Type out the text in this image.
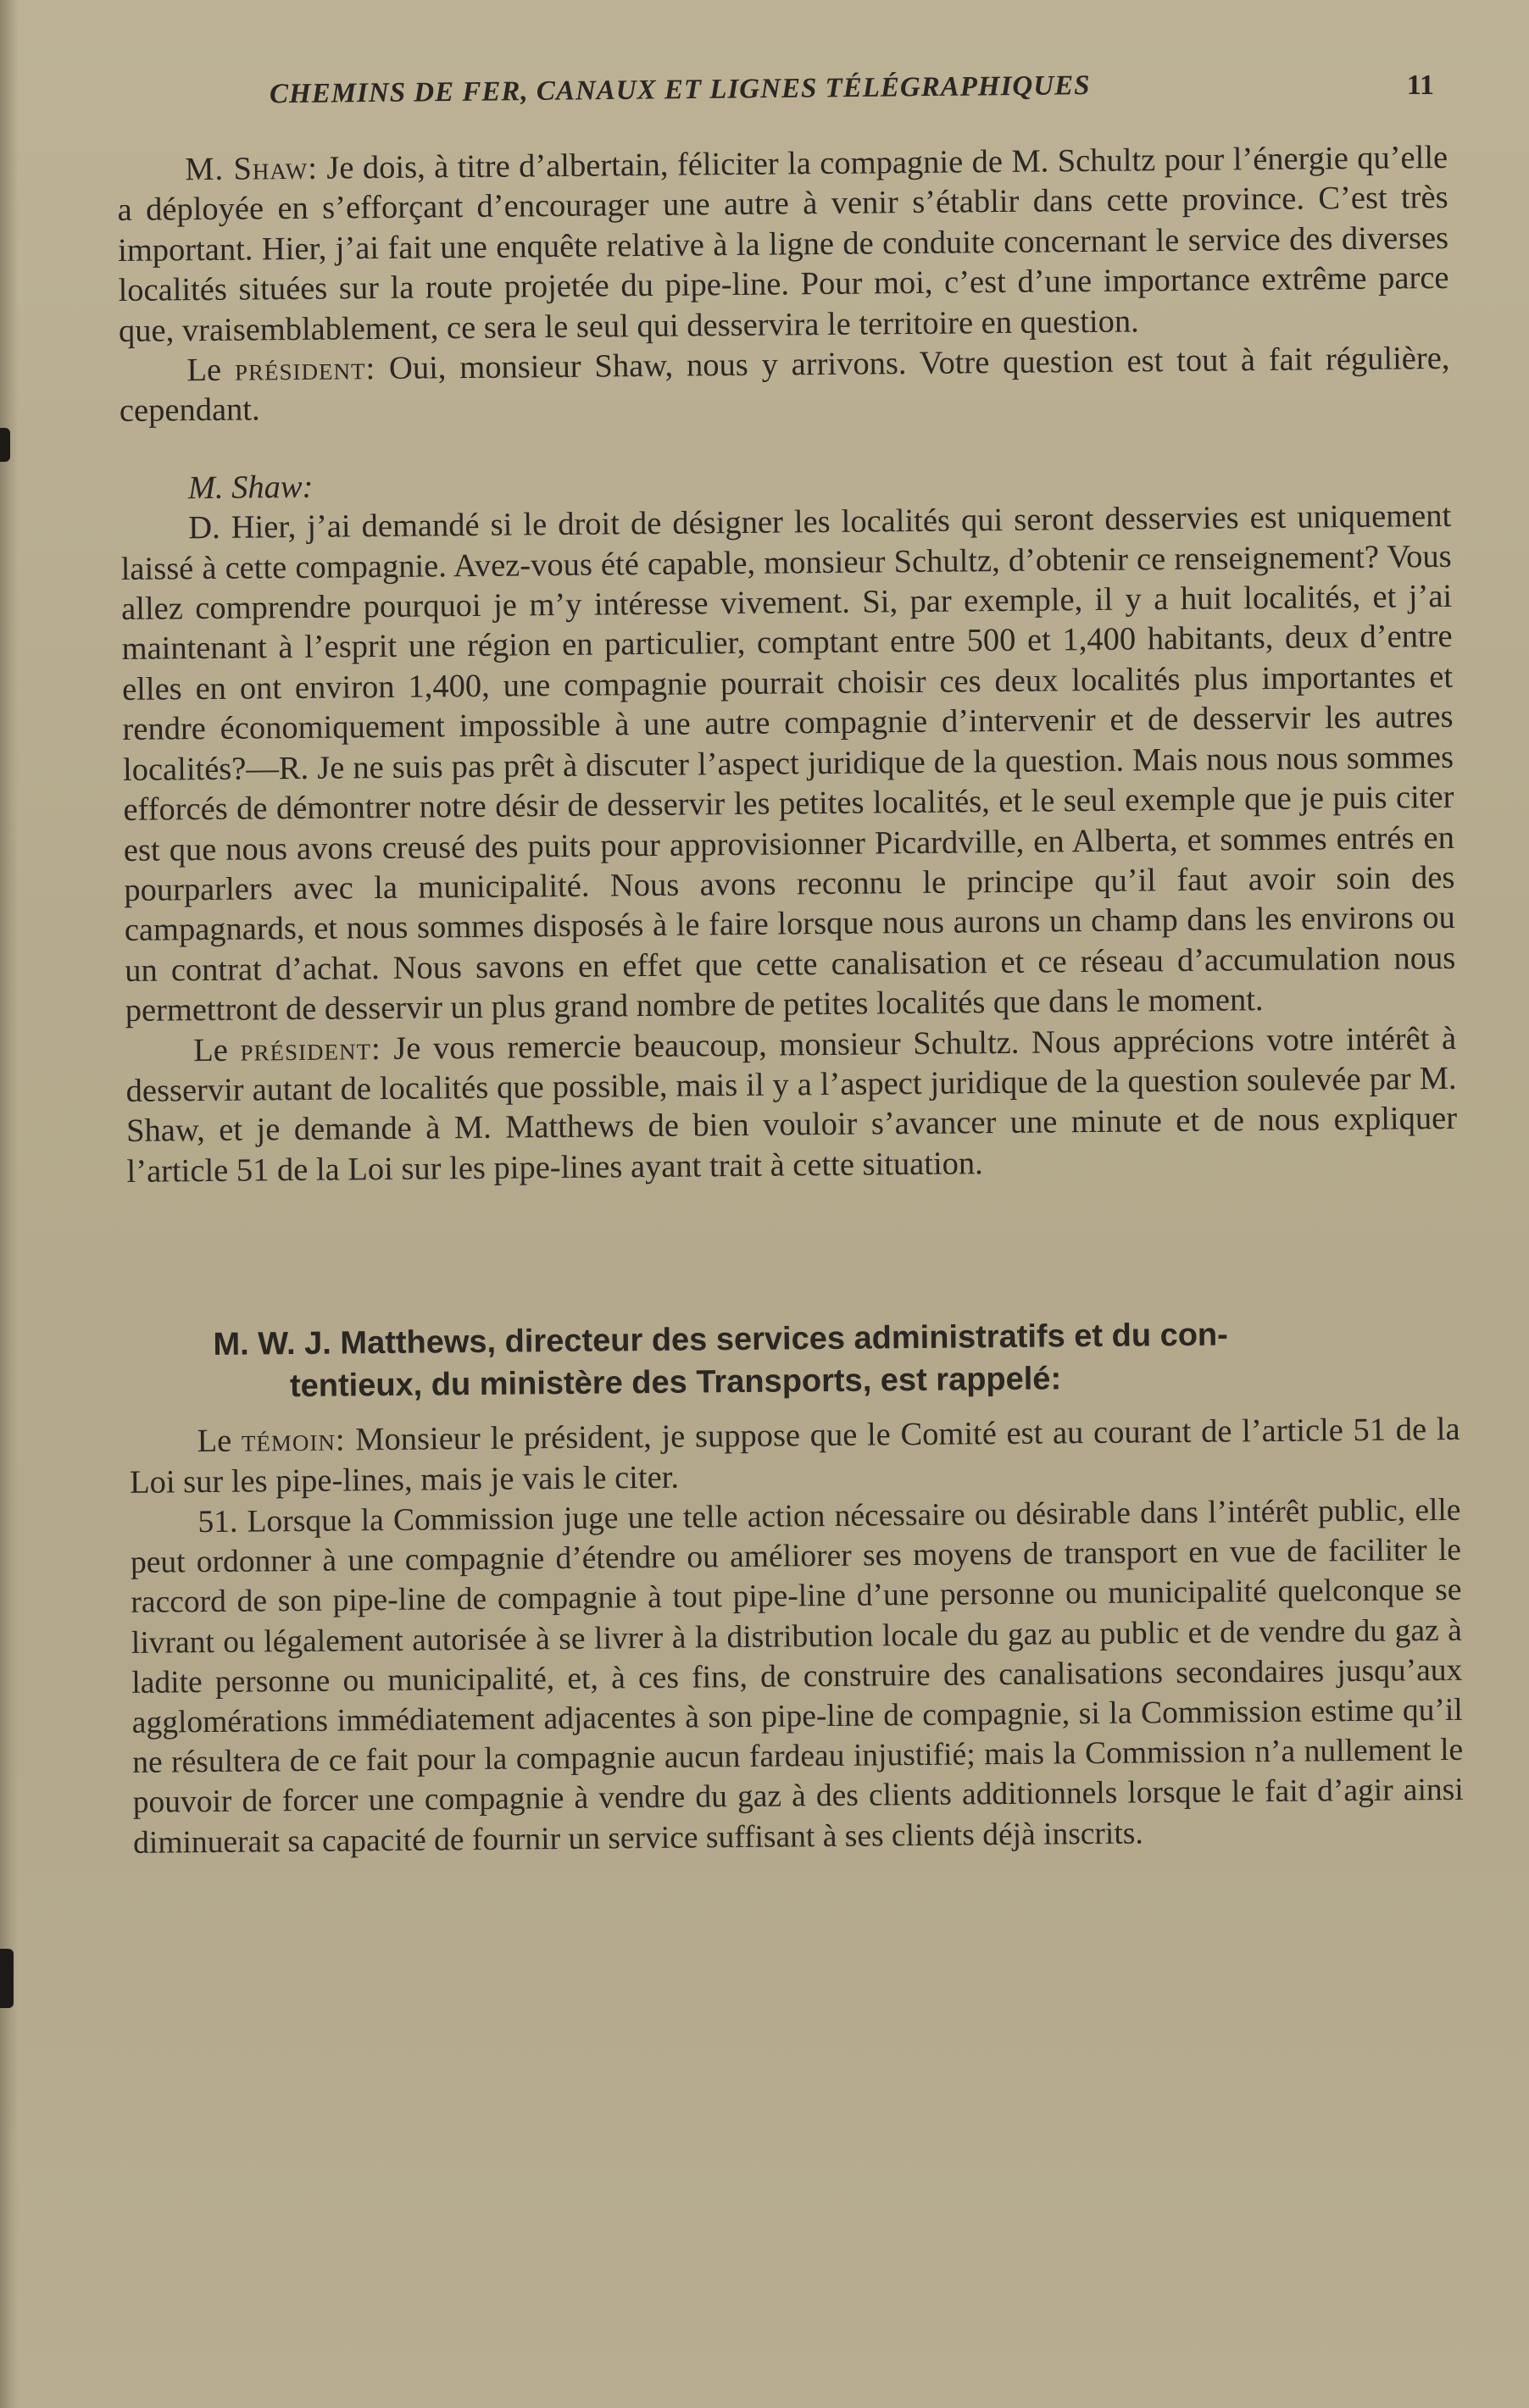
CHEMINS DE FER, CANAUX ET LIGNES TÉLÉGRAPHIQUES	11

M. Shaw: Je dois, à titre d’albertain, féliciter la compagnie de M. Schultz pour l’énergie qu’elle a déployée en s’efforçant d’encourager une autre à venir s’établir dans cette province. C’est très important. Hier, j’ai fait une enquête relative à la ligne de conduite concernant le service des diverses localités situées sur la route projetée du pipe-line. Pour moi, c’est d’une importance extrême parce que, vraisemblablement, ce sera le seul qui desservira le territoire en question.

Le président: Oui, monsieur Shaw, nous y arrivons. Votre question est tout à fait régulière, cependant.

M. Shaw:

D. Hier, j’ai demandé si le droit de désigner les localités qui seront desservies est uniquement laissé à cette compagnie. Avez-vous été capable, monsieur Schultz, d’obtenir ce renseignement? Vous allez comprendre pourquoi je m’y intéresse vivement. Si, par exemple, il y a huit localités, et j’ai maintenant à l’esprit une région en particulier, comptant entre 500 et 1,400 habitants, deux d’entre elles en ont environ 1,400, une compagnie pourrait choisir ces deux localités plus importantes et rendre économiquement impossible à une autre compagnie d’intervenir et de desservir les autres localités?—R. Je ne suis pas prêt à discuter l’aspect juridique de la question. Mais nous nous sommes efforcés de démontrer notre désir de desservir les petites localités, et le seul exemple que je puis citer est que nous avons creusé des puits pour approvisionner Picardville, en Alberta, et sommes entrés en pourparlers avec la municipalité. Nous avons reconnu le principe qu’il faut avoir soin des campagnards, et nous sommes disposés à le faire lorsque nous aurons un champ dans les environs ou un contrat d’achat. Nous savons en effet que cette canalisation et ce réseau d’accumulation nous permettront de desservir un plus grand nombre de petites localités que dans le moment.

Le président: Je vous remercie beaucoup, monsieur Schultz. Nous apprécions votre intérêt à desservir autant de localités que possible, mais il y a l’aspect juridique de la question soulevée par M. Shaw, et je demande à M. Matthews de bien vouloir s’avancer une minute et de nous expliquer l’article 51 de la Loi sur les pipe-lines ayant trait à cette situation.

M. W. J. Matthews, directeur des services administratifs et du con-
tentieux, du ministère des Transports, est rappelé:

Le témoin: Monsieur le président, je suppose que le Comité est au courant de l’article 51 de la Loi sur les pipe-lines, mais je vais le citer.

51. Lorsque la Commission juge une telle action nécessaire ou désirable dans l’intérêt public, elle peut ordonner à une compagnie d’étendre ou améliorer ses moyens de transport en vue de faciliter le raccord de son pipe-line de compagnie à tout pipe-line d’une personne ou municipalité quelconque se livrant ou légalement autorisée à se livrer à la distribution locale du gaz au public et de vendre du gaz à ladite personne ou municipalité, et, à ces fins, de construire des canalisations secondaires jusqu’aux agglomérations immédiatement adjacentes à son pipe-line de compagnie, si la Commission estime qu’il ne résultera de ce fait pour la compagnie aucun fardeau injustifié; mais la Commission n’a nullement le pouvoir de forcer une compagnie à vendre du gaz à des clients additionnels lorsque le fait d’agir ainsi diminuerait sa capacité de fournir un service suffisant à ses clients déjà inscrits.
